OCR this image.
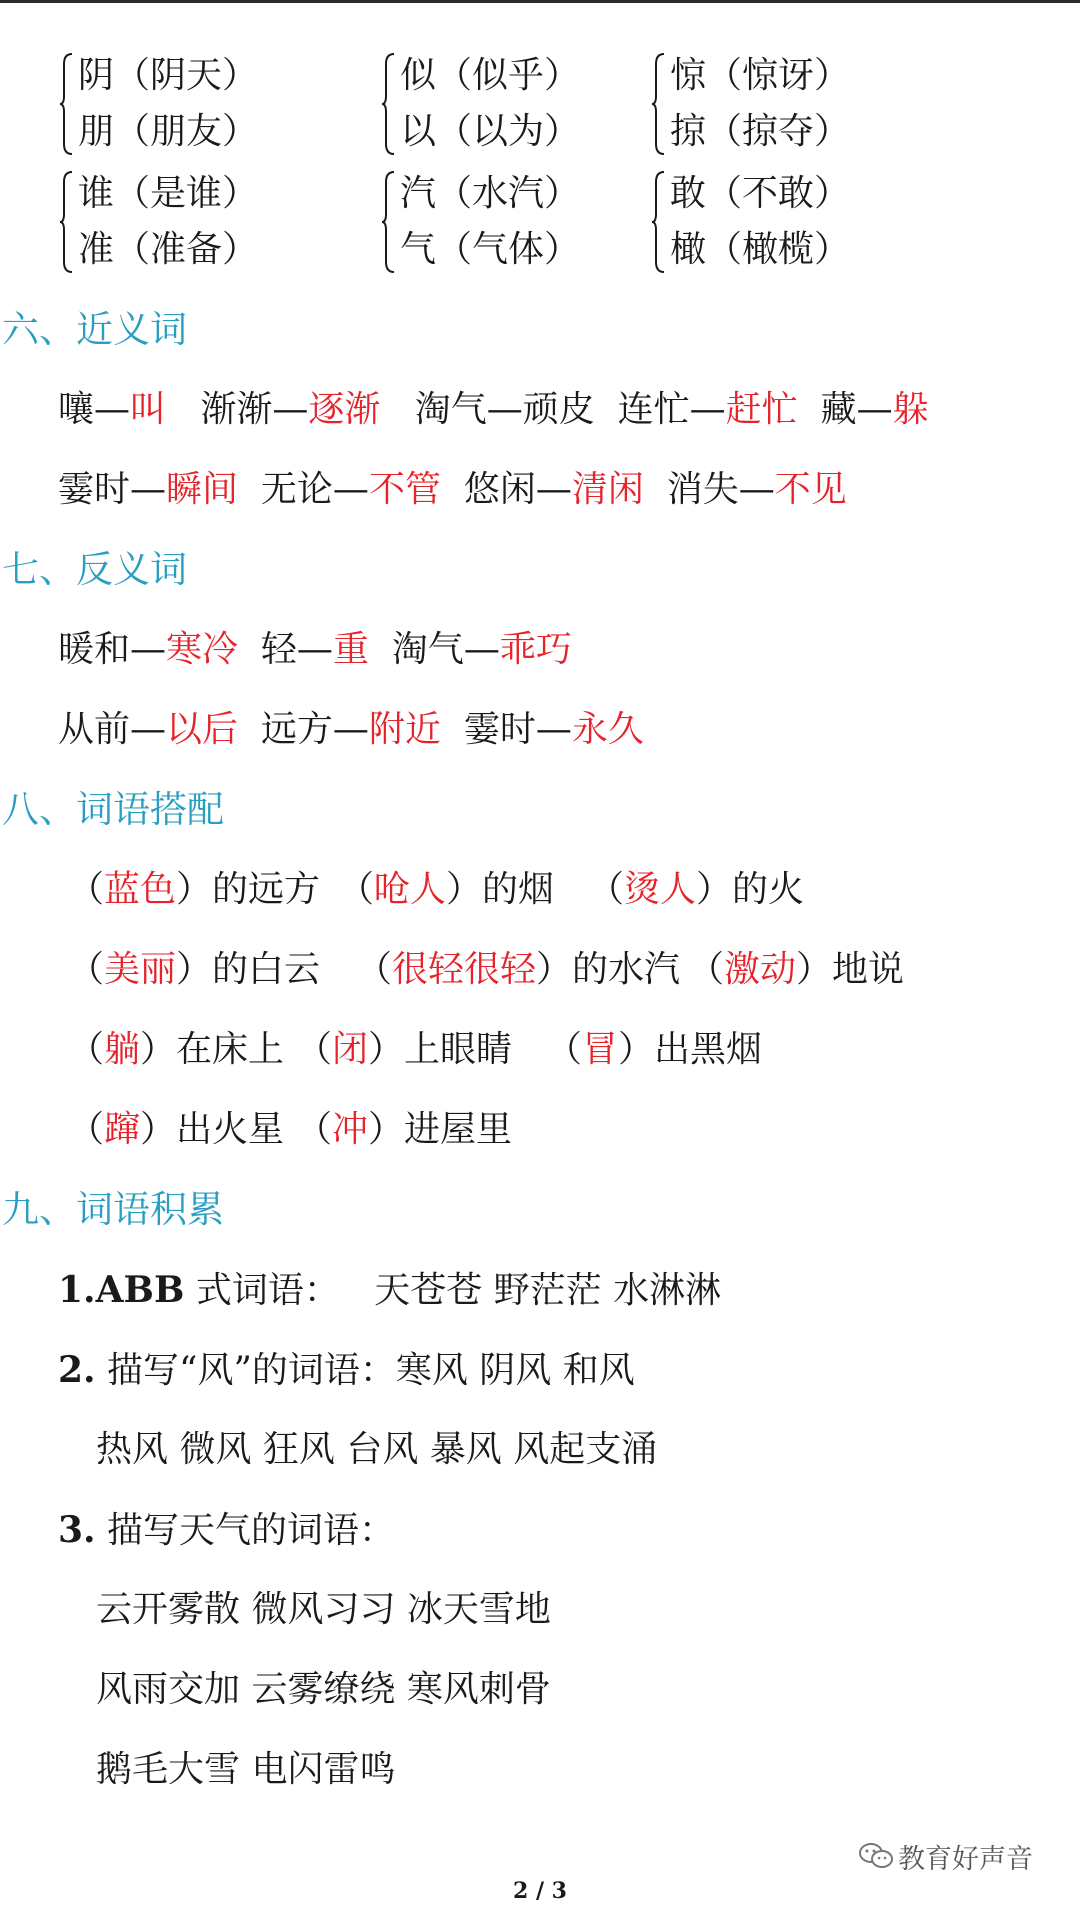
阴（阴天）
朋（朋友）
似（似乎）
以（以为）
惊（惊讶）
掠（掠夺）
谁（是谁）
准（准备）
汽（水汽）
气（气体）
敢（不敢）
橄（橄榄）
六、近义词
嚷—叫 渐渐—逐渐 淘气—顽皮 连忙—赶忙 藏—躲
霎时—瞬间 无论—不管 悠闲—清闲 消失—不见
七、反义词
暖和—寒冷 轻—重 淘气—乖巧
从前—以后 远方—附近 霎时—永久
八、词语搭配
（蓝色）的远方 （呛人）的烟 （烫人）的火
（美丽）的白云 （很轻很轻）的水汽 （激动）地说
（躺）在床上 （闭）上眼睛 （冒）出黑烟
（蹿）出火星 （冲）进屋里
九、词语积累
1.ABB 式词语： 天苍苍 野茫茫 水淋淋
2. 描写“风”的词语：寒风 阴风 和风
热风 微风 狂风 台风 暴风 风起支涌
3. 描写天气的词语：
云开雾散 微风习习 冰天雪地
风雨交加 云雾缭绕 寒风刺骨
鹅毛大雪 电闪雷鸣
教育好声音
2 / 3
